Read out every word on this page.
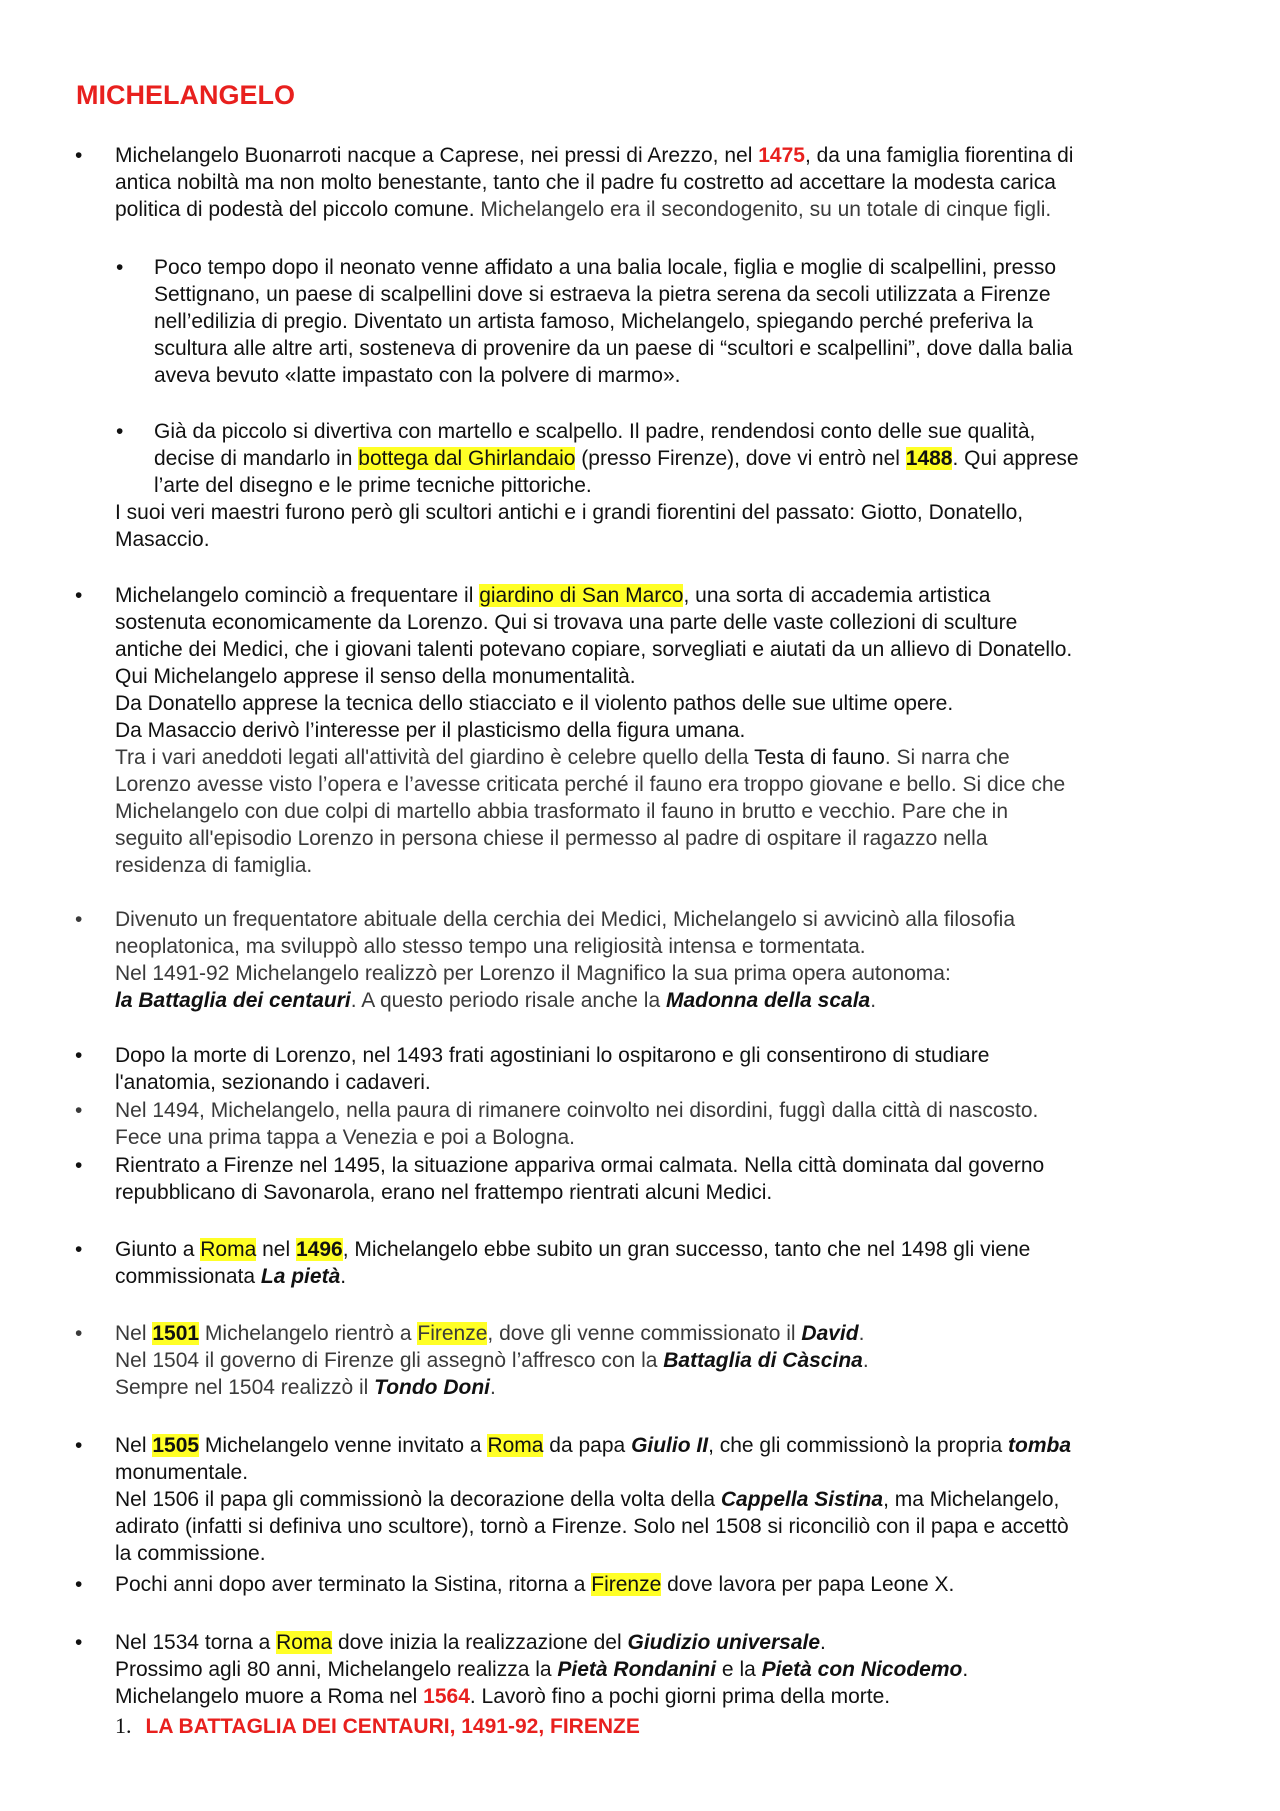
MICHELANGELO
• Michelangelo Buonarroti nacque a Caprese, nei pressi di Arezzo, nel 1475, da una famiglia fiorentina di
antica nobiltà ma non molto benestante, tanto che il padre fu costretto ad accettare la modesta carica
politica di podestà del piccolo comune. Michelangelo era il secondogenito, su un totale di cinque figli.
• Poco tempo dopo il neonato venne affidato a una balia locale, figlia e moglie di scalpellini, presso
Settignano, un paese di scalpellini dove si estraeva la pietra serena da secoli utilizzata a Firenze
nell’edilizia di pregio. Diventato un artista famoso, Michelangelo, spiegando perché preferiva la
scultura alle altre arti, sosteneva di provenire da un paese di “scultori e scalpellini”, dove dalla balia
aveva bevuto «latte impastato con la polvere di marmo».
• Già da piccolo si divertiva con martello e scalpello. Il padre, rendendosi conto delle sue qualità,
decise di mandarlo in bottega dal Ghirlandaio (presso Firenze), dove vi entrò nel 1488. Qui apprese
l’arte del disegno e le prime tecniche pittoriche.
I suoi veri maestri furono però gli scultori antichi e i grandi fiorentini del passato: Giotto, Donatello,
Masaccio.
• Michelangelo cominciò a frequentare il giardino di San Marco, una sorta di accademia artistica
sostenuta economicamente da Lorenzo. Qui si trovava una parte delle vaste collezioni di sculture
antiche dei Medici, che i giovani talenti potevano copiare, sorvegliati e aiutati da un allievo di Donatello.
Qui Michelangelo apprese il senso della monumentalità.
Da Donatello apprese la tecnica dello stiacciato e il violento pathos delle sue ultime opere.
Da Masaccio derivò l’interesse per il plasticismo della figura umana.
Tra i vari aneddoti legati all'attività del giardino è celebre quello della Testa di fauno. Si narra che
Lorenzo avesse visto l’opera e l’avesse criticata perché il fauno era troppo giovane e bello. Si dice che
Michelangelo con due colpi di martello abbia trasformato il fauno in brutto e vecchio. Pare che in
seguito all'episodio Lorenzo in persona chiese il permesso al padre di ospitare il ragazzo nella
residenza di famiglia.
• Divenuto un frequentatore abituale della cerchia dei Medici, Michelangelo si avvicinò alla filosofia
neoplatonica, ma sviluppò allo stesso tempo una religiosità intensa e tormentata.
Nel 1491-92 Michelangelo realizzò per Lorenzo il Magnifico la sua prima opera autonoma:
la Battaglia dei centauri. A questo periodo risale anche la Madonna della scala.
• Dopo la morte di Lorenzo, nel 1493 frati agostiniani lo ospitarono e gli consentirono di studiare
l'anatomia, sezionando i cadaveri.
• Nel 1494, Michelangelo, nella paura di rimanere coinvolto nei disordini, fuggì dalla città di nascosto.
Fece una prima tappa a Venezia e poi a Bologna.
• Rientrato a Firenze nel 1495, la situazione appariva ormai calmata. Nella città dominata dal governo
repubblicano di Savonarola, erano nel frattempo rientrati alcuni Medici.
• Giunto a Roma nel 1496, Michelangelo ebbe subito un gran successo, tanto che nel 1498 gli viene
commissionata La pietà.
• Nel 1501 Michelangelo rientrò a Firenze, dove gli venne commissionato il David.
Nel 1504 il governo di Firenze gli assegnò l’affresco con la Battaglia di Càscina.
Sempre nel 1504 realizzò il Tondo Doni.
• Nel 1505 Michelangelo venne invitato a Roma da papa Giulio II, che gli commissionò la propria tomba
monumentale.
Nel 1506 il papa gli commissionò la decorazione della volta della Cappella Sistina, ma Michelangelo,
adirato (infatti si definiva uno scultore), tornò a Firenze. Solo nel 1508 si riconciliò con il papa e accettò
la commissione.
• Pochi anni dopo aver terminato la Sistina, ritorna a Firenze dove lavora per papa Leone X.
• Nel 1534 torna a Roma dove inizia la realizzazione del Giudizio universale.
Prossimo agli 80 anni, Michelangelo realizza la Pietà Rondanini e la Pietà con Nicodemo.
Michelangelo muore a Roma nel 1564. Lavorò fino a pochi giorni prima della morte.
1. LA BATTAGLIA DEI CENTAURI, 1491-92, FIRENZE
